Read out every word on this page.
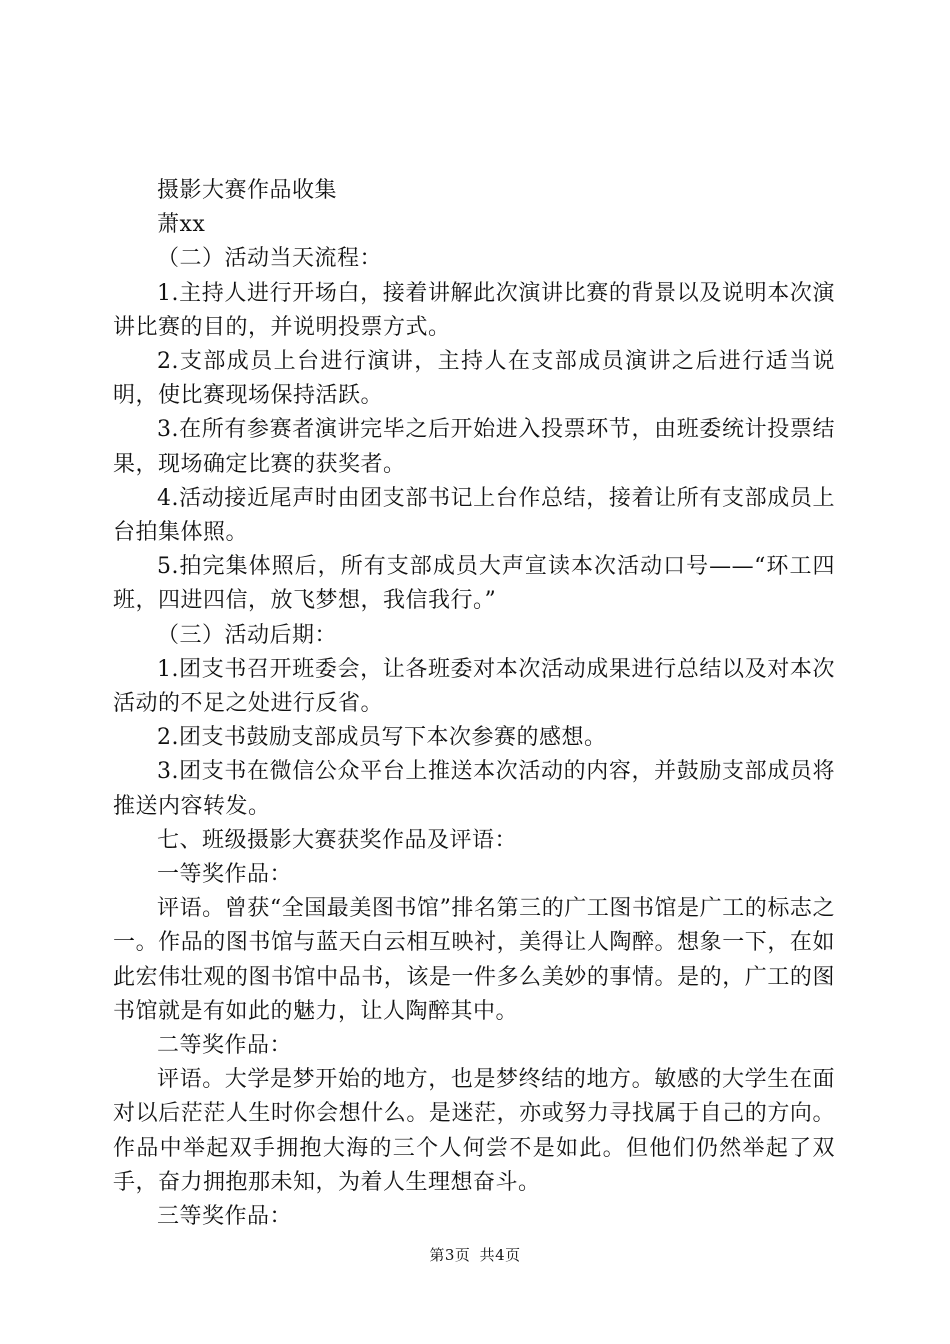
摄影大赛作品收集

萧xx

（二）活动当天流程：

1.主持人进行开场白，接着讲解此次演讲比赛的背景以及说明本次演讲比赛的目的，并说明投票方式。

2.支部成员上台进行演讲，主持人在支部成员演讲之后进行适当说明，使比赛现场保持活跃。

3.在所有参赛者演讲完毕之后开始进入投票环节，由班委统计投票结果，现场确定比赛的获奖者。

4.活动接近尾声时由团支部书记上台作总结，接着让所有支部成员上台拍集体照。

5.拍完集体照后，所有支部成员大声宣读本次活动口号——“环工四班，四进四信，放飞梦想，我信我行。”

（三）活动后期：

1.团支书召开班委会，让各班委对本次活动成果进行总结以及对本次活动的不足之处进行反省。

2.团支书鼓励支部成员写下本次参赛的感想。

3.团支书在微信公众平台上推送本次活动的内容，并鼓励支部成员将推送内容转发。

七、班级摄影大赛获奖作品及评语：

一等奖作品：

评语。曾获“全国最美图书馆”排名第三的广工图书馆是广工的标志之一。作品的图书馆与蓝天白云相互映衬，美得让人陶醉。想象一下，在如此宏伟壮观的图书馆中品书，该是一件多么美妙的事情。是的，广工的图书馆就是有如此的魅力，让人陶醉其中。

二等奖作品：

评语。大学是梦开始的地方，也是梦终结的地方。敏感的大学生在面对以后茫茫人生时你会想什么。是迷茫，亦或努力寻找属于自己的方向。作品中举起双手拥抱大海的三个人何尝不是如此。但他们仍然举起了双手，奋力拥抱那未知，为着人生理想奋斗。

三等奖作品：

第3页 共4页
